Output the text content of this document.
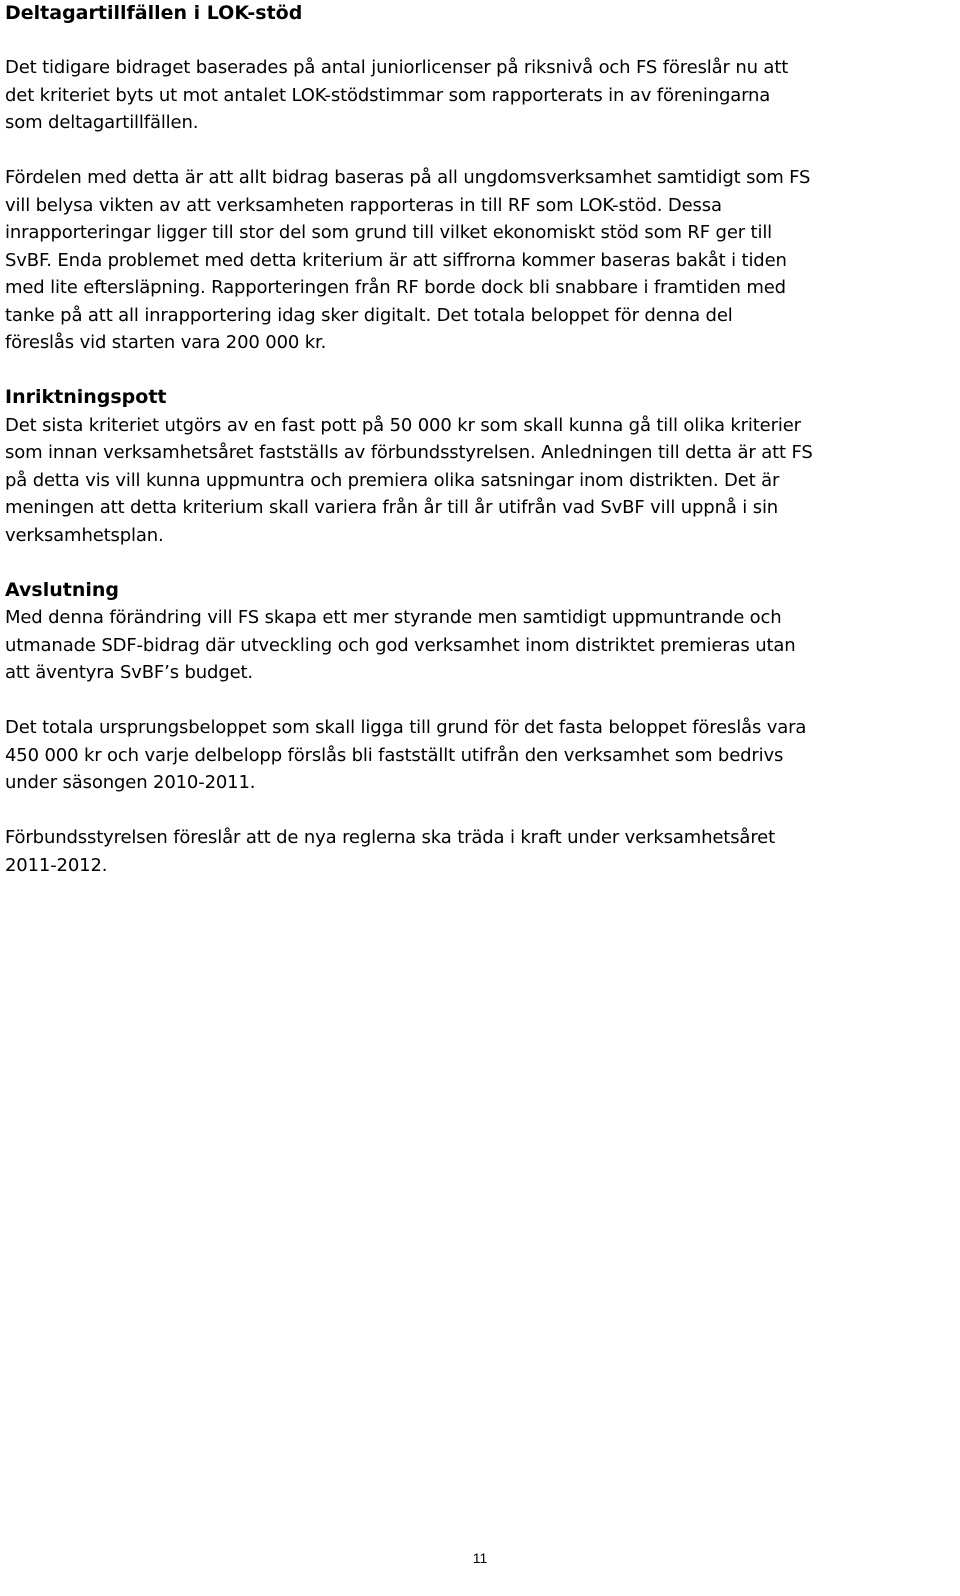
Deltagartillfällen i LOK-stöd
Det tidigare bidraget baserades på antal juniorlicenser på riksnivå och FS föreslår nu att
det kriteriet byts ut mot antalet LOK-stödstimmar som rapporterats in av föreningarna
som deltagartillfällen.
Fördelen med detta är att allt bidrag baseras på all ungdomsverksamhet samtidigt som FS
vill belysa vikten av att verksamheten rapporteras in till RF som LOK-stöd. Dessa
inrapporteringar ligger till stor del som grund till vilket ekonomiskt stöd som RF ger till
SvBF. Enda problemet med detta kriterium är att siffrorna kommer baseras bakåt i tiden
med lite eftersläpning. Rapporteringen från RF borde dock bli snabbare i framtiden med
tanke på att all inrapportering idag sker digitalt. Det totala beloppet för denna del
föreslås vid starten vara 200 000 kr.
Inriktningspott
Det sista kriteriet utgörs av en fast pott på 50 000 kr som skall kunna gå till olika kriterier
som innan verksamhetsåret fastställs av förbundsstyrelsen. Anledningen till detta är att FS
på detta vis vill kunna uppmuntra och premiera olika satsningar inom distrikten. Det är
meningen att detta kriterium skall variera från år till år utifrån vad SvBF vill uppnå i sin
verksamhetsplan.
Avslutning
Med denna förändring vill FS skapa ett mer styrande men samtidigt uppmuntrande och
utmanade SDF-bidrag där utveckling och god verksamhet inom distriktet premieras utan
att äventyra SvBF’s budget.
Det totala ursprungsbeloppet som skall ligga till grund för det fasta beloppet föreslås vara
450 000 kr och varje delbelopp förslås bli fastställt utifrån den verksamhet som bedrivs
under säsongen 2010-2011.
Förbundsstyrelsen föreslår att de nya reglerna ska träda i kraft under verksamhetsåret
2011-2012.
11
